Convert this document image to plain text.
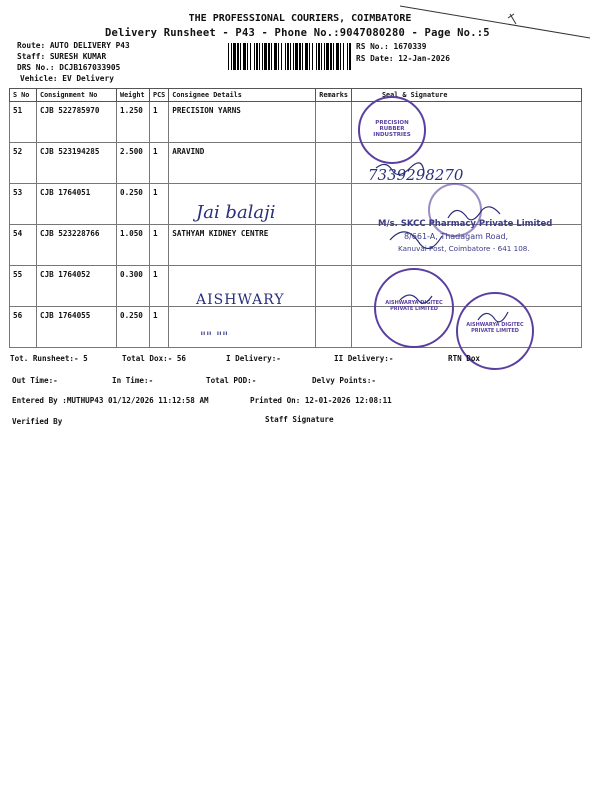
THE PROFESSIONAL COURIERS, COIMBATORE
Delivery Runsheet - P43 - Phone No.:9047080280 - Page No.:5
Route: AUTO DELIVERY P43
Staff: SURESH KUMAR
DRS No.: DCJB167033905
Vehicle: EV Delivery
RS No.: 1670339
RS Date: 12-Jan-2026
S No	Consignment No	Weight	PCS	Consignee Details	Remarks	Seal & Signature
51	CJB 522785970	1.250	1	PRECISION YARNS		
52	CJB 523194285	2.500	1	ARAVIND		
53	CJB 1764051	0.250	1			
54	CJB 523228766	1.050	1	SATHYAM KIDNEY CENTRE		
55	CJB 1764052	0.300	1			
56	CJB 1764055	0.250	1			
7339298270
Jai balaji
AISHWARY
"" ""
PRECISION RUBBER INDUSTRIES
M/s. SKCC Pharmacy Private Limited
8/661-A, Thadagam Road,
Kanuvai Post, Coimbatore - 641 108.
AISHWARYA DIGITEC PRIVATE LIMITED
AISHWARYA DIGITEC PRIVATE LIMITED
Tot. Runsheet:- 5	Total Dox:- 56	I Delivery:-	II Delivery:-	RTN Dox
Out Time:-	In Time:-	Total POD:-	Delvy Points:-
Entered By :MUTHUP43 01/12/2026 11:12:58 AM	Printed On: 12-01-2026 12:08:11
Verified By	Staff Signature
